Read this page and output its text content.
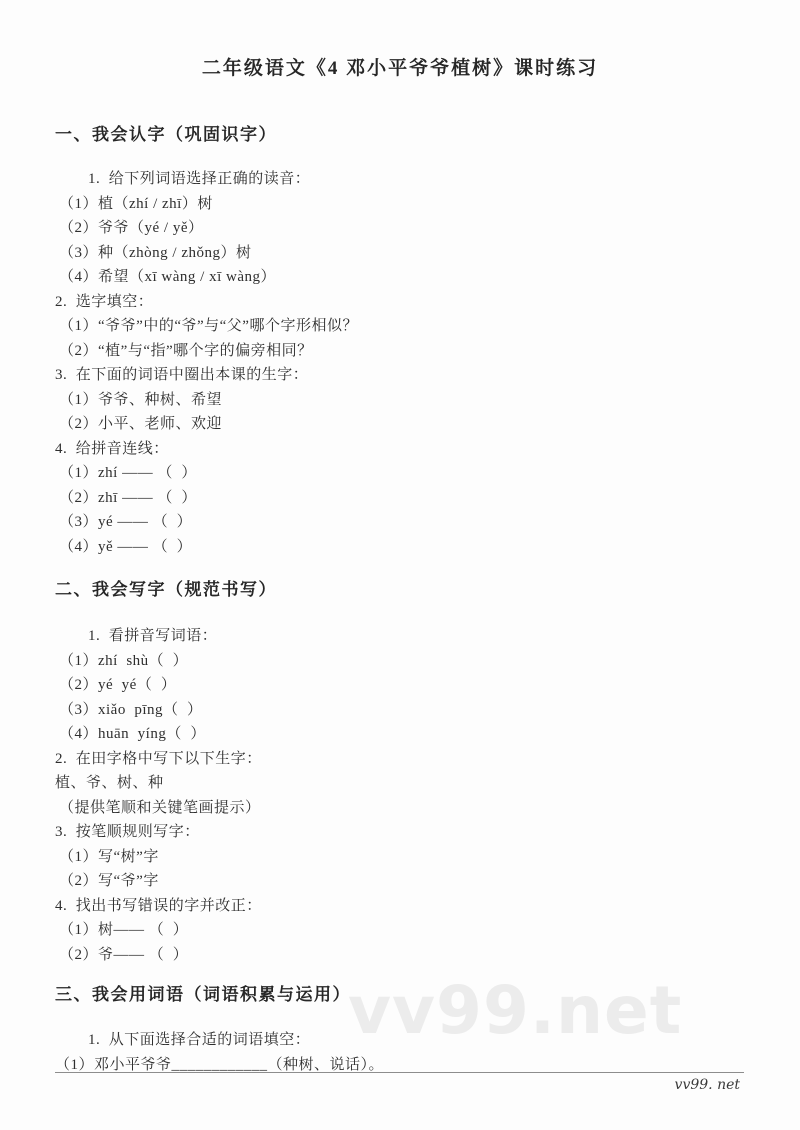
vv99.net
二年级语文《4 邓小平爷爷植树》课时练习
一、我会认字（巩固识字）
1.  给下列词语选择正确的读音：
（1）植（zhí / zhī）树
（2）爷爷（yé / yě）
（3）种（zhòng / zhǒng）树
（4）希望（xī wàng / xī wàng）
2.  选字填空：
（1）“爷爷”中的“爷”与“父”哪个字形相似？
（2）“植”与“指”哪个字的偏旁相同？
3.  在下面的词语中圈出本课的生字：
（1）爷爷、种树、希望
（2）小平、老师、欢迎
4.  给拼音连线：
（1）zhí —— （  ）
（2）zhī —— （  ）
（3）yé —— （  ）
（4）yě —— （  ）
二、我会写字（规范书写）
1.  看拼音写词语：
（1）zhí  shù（  ）
（2）yé  yé（  ）
（3）xiǎo  pīng（  ）
（4）huān  yíng（  ）
2.  在田字格中写下以下生字：
植、爷、树、种
（提供笔顺和关键笔画提示）
3.  按笔顺规则写字：
（1）写“树”字
（2）写“爷”字
4.  找出书写错误的字并改正：
（1）树—— （  ）
（2）爷—— （  ）
三、我会用词语（词语积累与运用）
1.  从下面选择合适的词语填空：
（1）邓小平爷爷____________（种树、说话）。
vv99. net
